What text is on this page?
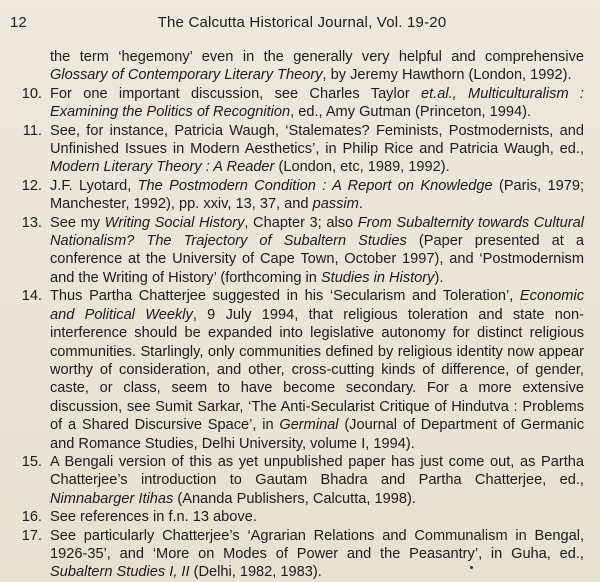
12	The Calcutta Historical Journal, Vol. 19-20
the term ‘hegemony’ even in the generally very helpful and comprehensive Glossary of Contemporary Literary Theory, by Jeremy Hawthorn (London, 1992).
10. For one important discussion, see Charles Taylor et.al., Multiculturalism : Examining the Politics of Recognition, ed., Amy Gutman (Princeton, 1994).
11. See, for instance, Patricia Waugh, ‘Stalemates? Feminists, Postmodernists, and Unfinished Issues in Modern Aesthetics’, in Philip Rice and Patricia Waugh, ed., Modern Literary Theory : A Reader (London, etc, 1989, 1992).
12. J.F. Lyotard, The Postmodern Condition : A Report on Knowledge (Paris, 1979; Manchester, 1992), pp. xxiv, 13, 37, and passim.
13. See my Writing Social History, Chapter 3; also From Subalternity towards Cultural Nationalism? The Trajectory of Subaltern Studies (Paper presented at a conference at the University of Cape Town, October 1997), and ‘Postmodernism and the Writing of History’ (forthcoming in Studies in History).
14. Thus Partha Chatterjee suggested in his ‘Secularism and Toleration’, Economic and Political Weekly, 9 July 1994, that religious toleration and state non-interference should be expanded into legislative autonomy for distinct religious communities. Starlingly, only communities defined by religious identity now appear worthy of consideration, and other, cross-cutting kinds of difference, of gender, caste, or class, seem to have become secondary. For a more extensive discussion, see Sumit Sarkar, ‘The Anti-Secularist Critique of Hindutva : Problems of a Shared Discursive Space’, in Germinal (Journal of Department of Germanic and Romance Studies, Delhi University, volume I, 1994).
15. A Bengali version of this as yet unpublished paper has just come out, as Partha Chatterjee’s introduction to Gautam Bhadra and Partha Chatterjee, ed., Nimnabarger Itihas (Ananda Publishers, Calcutta, 1998).
16. See references in f.n. 13 above.
17. See particularly Chatterjee’s ‘Agrarian Relations and Communalism in Bengal, 1926-35’, and ‘More on Modes of Power and the Peasantry’, in Guha, ed., Subaltern Studies I, II (Delhi, 1982, 1983).
